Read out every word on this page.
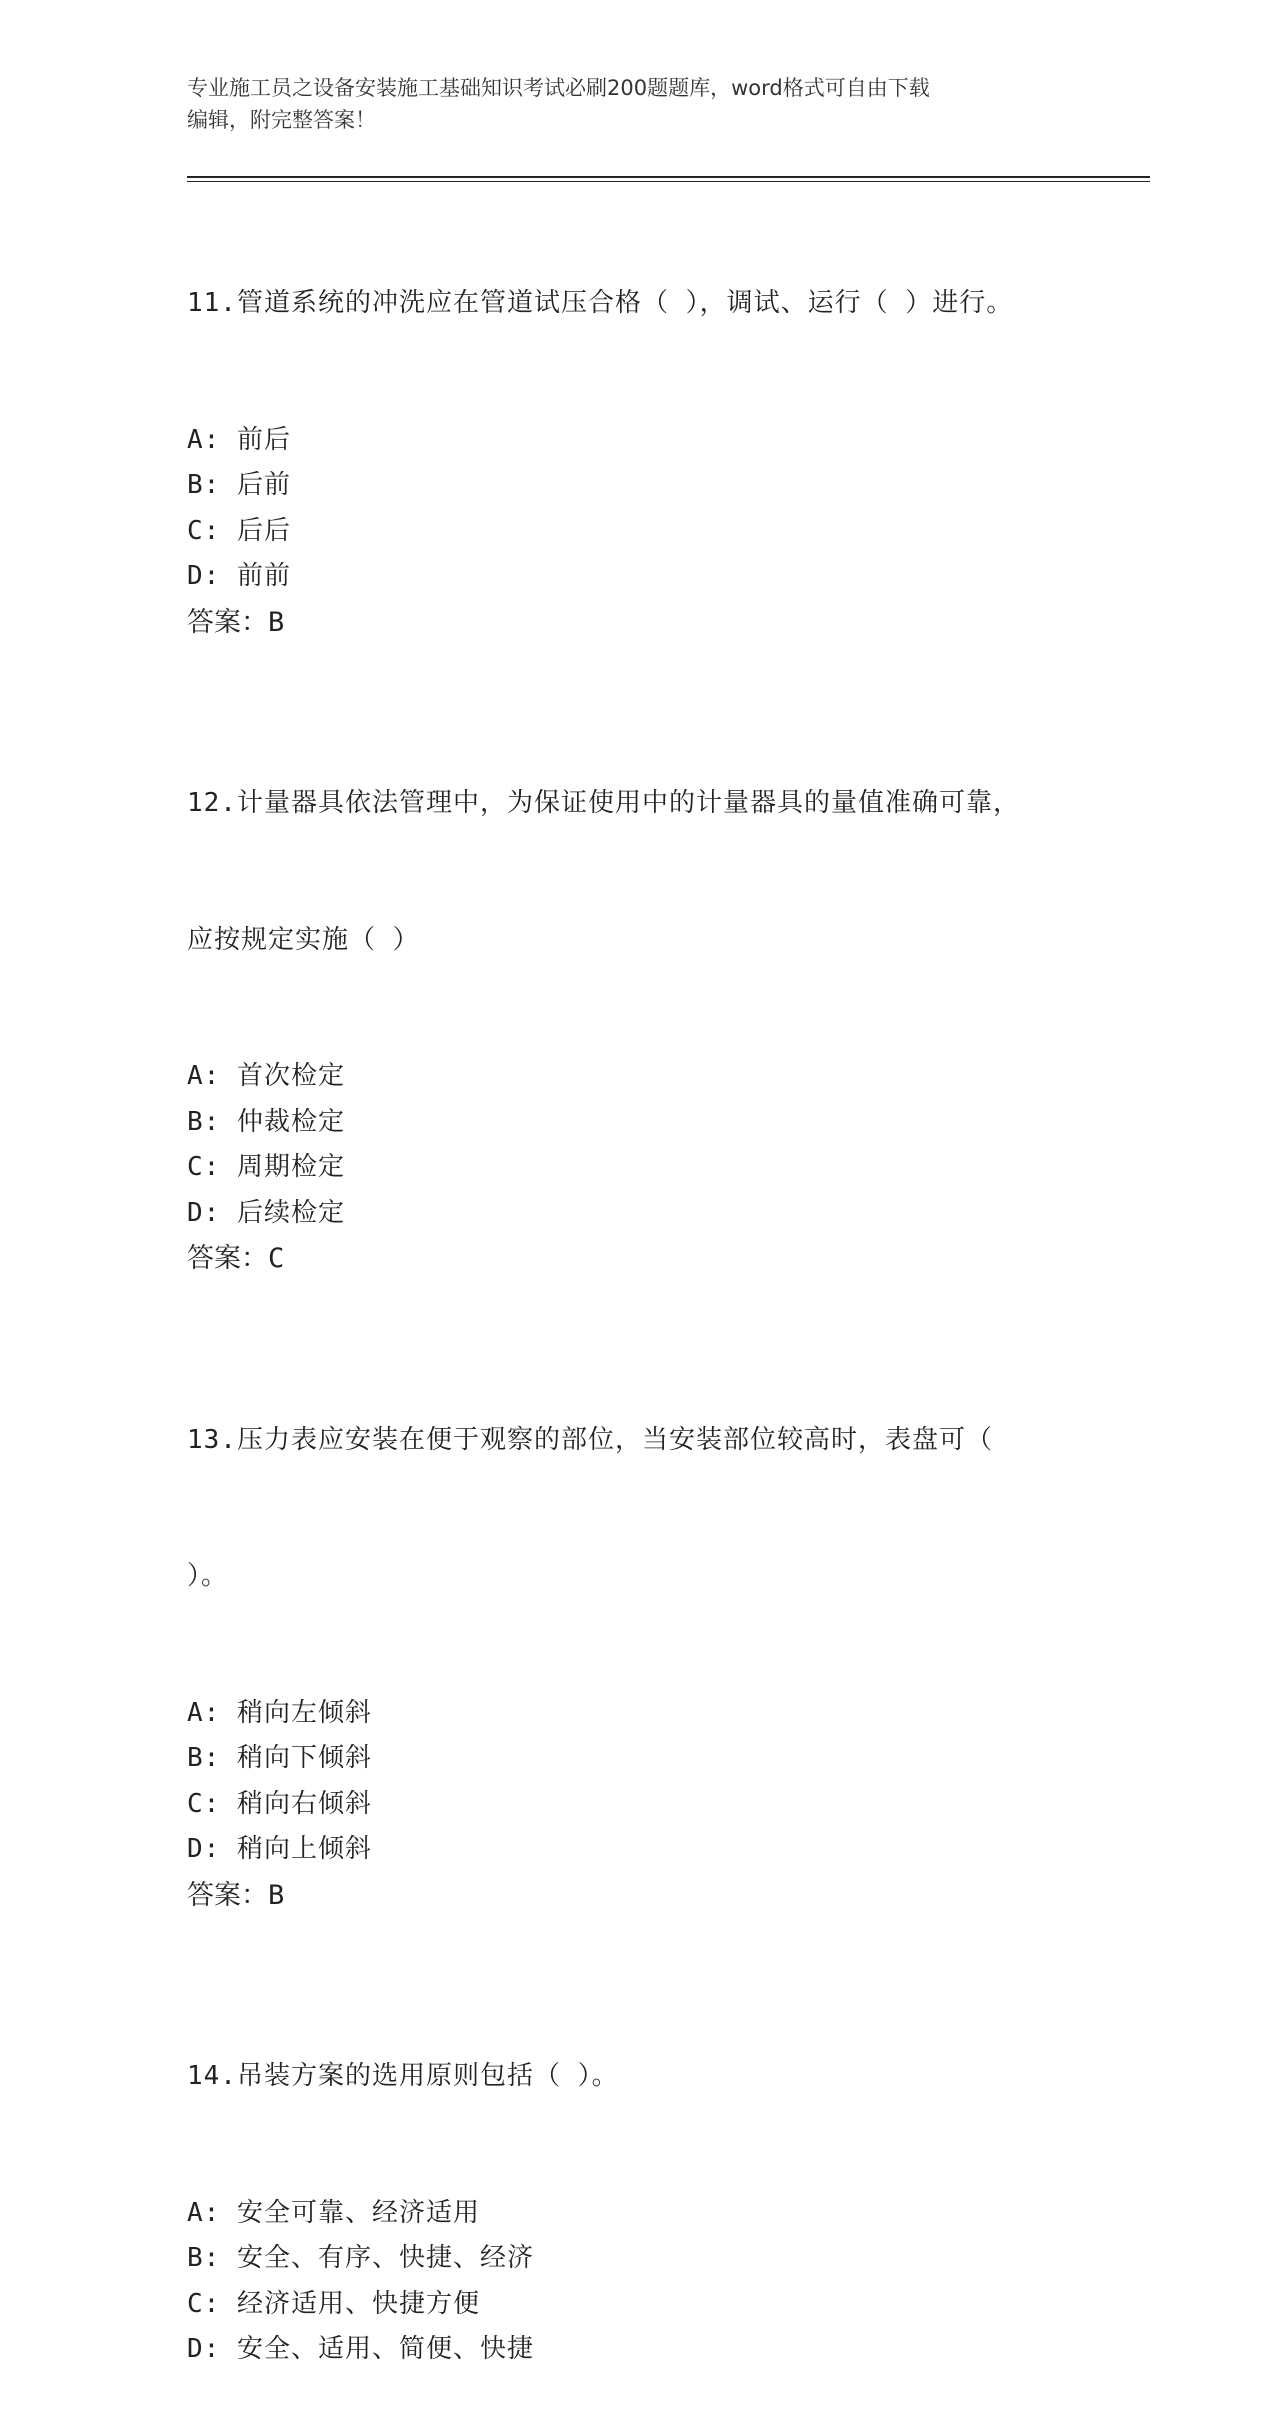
专业施工员之设备安装施工基础知识考试必刷200题题库，word格式可自由下载
编辑，附完整答案！

11.管道系统的冲洗应在管道试压合格（ ），调试、运行（ ）进行。

A: 前后
B: 后前
C: 后后
D: 前前
答案：B

12.计量器具依法管理中，为保证使用中的计量器具的量值准确可靠，

应按规定实施（ ）

A: 首次检定
B: 仲裁检定
C: 周期检定
D: 后续检定
答案：C

13.压力表应安装在便于观察的部位，当安装部位较高时，表盘可（

）。

A: 稍向左倾斜
B: 稍向下倾斜
C: 稍向右倾斜
D: 稍向上倾斜
答案：B

14.吊装方案的选用原则包括（ ）。

A: 安全可靠、经济适用
B: 安全、有序、快捷、经济
C: 经济适用、快捷方便
D: 安全、适用、简便、快捷
